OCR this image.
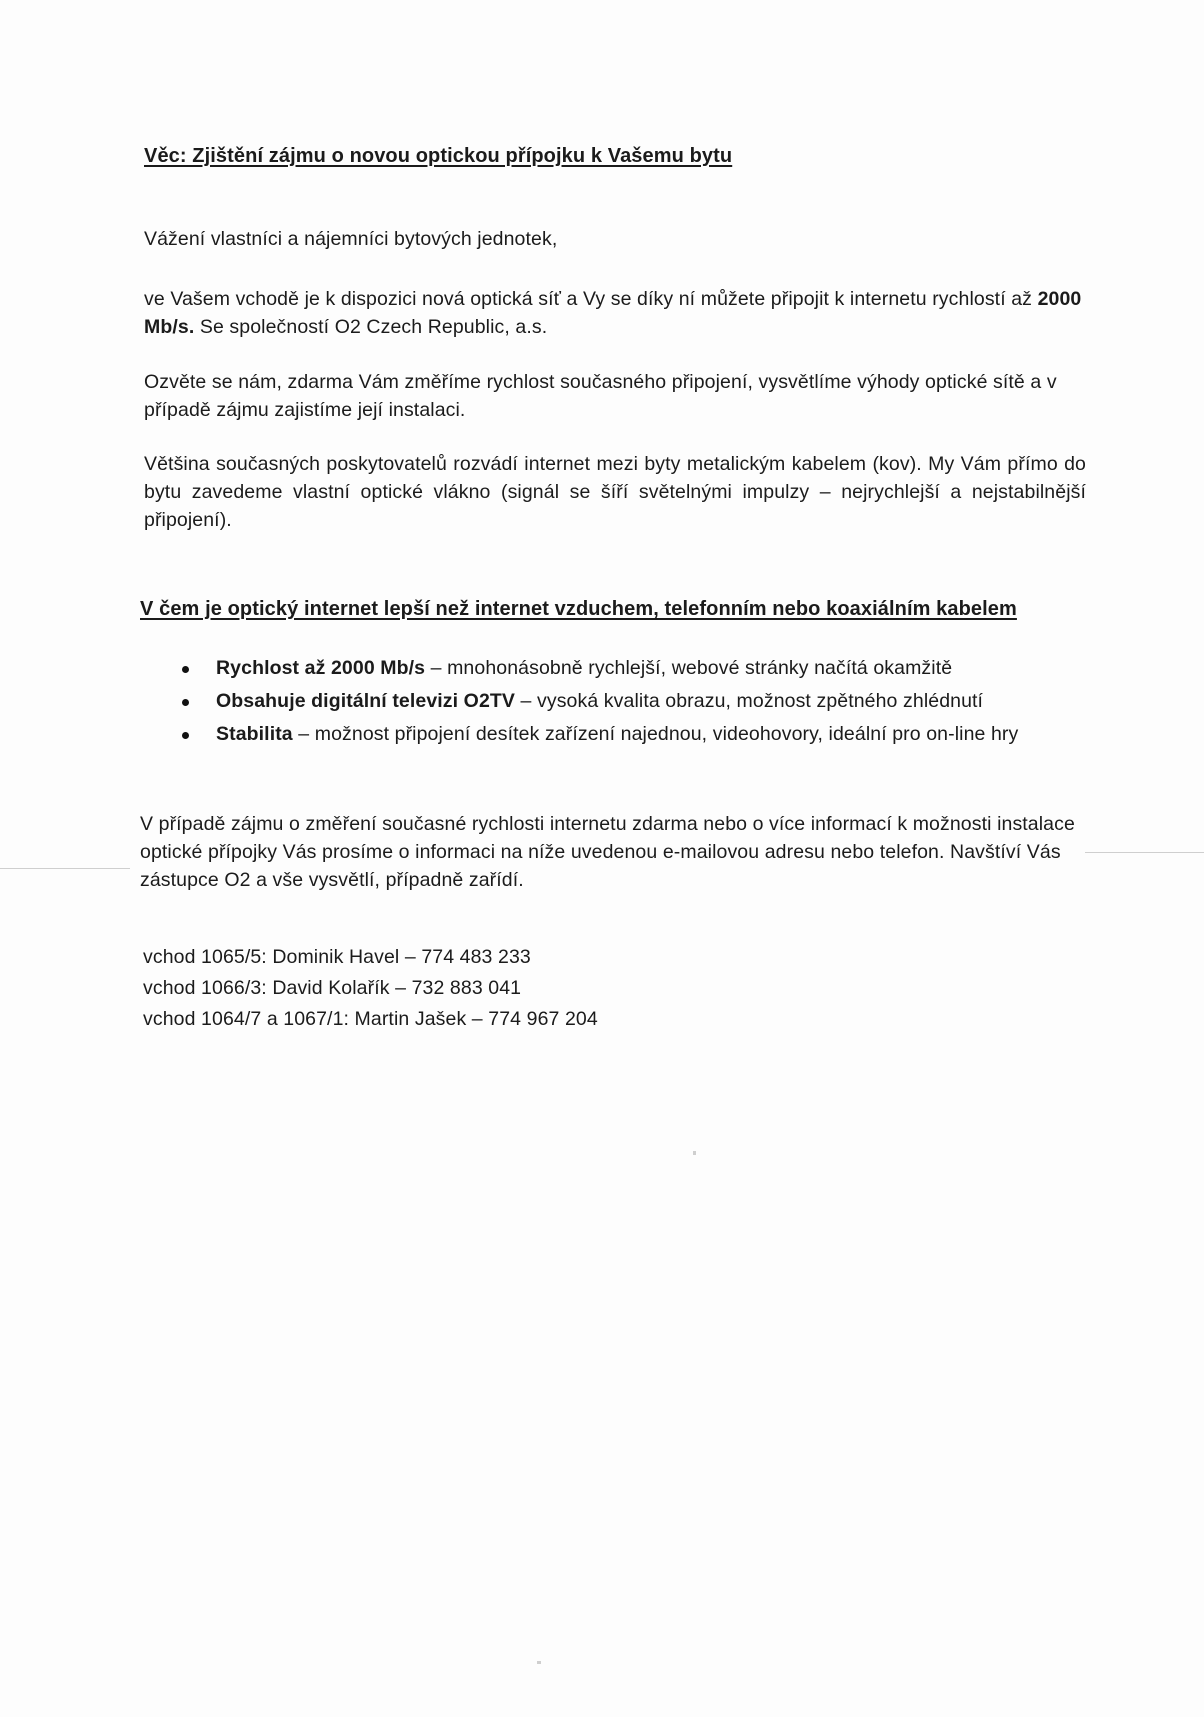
Věc: Zjištění zájmu o novou optickou přípojku k Vašemu bytu
Vážení vlastníci a nájemníci bytových jednotek,
ve Vašem vchodě je k dispozici nová optická síť a Vy se díky ní můžete připojit k internetu rychlostí až 2000 Mb/s. Se společností O2 Czech Republic, a.s.
Ozvěte se nám, zdarma Vám změříme rychlost současného připojení, vysvětlíme výhody optické sítě a v případě zájmu zajistíme její instalaci.
Většina současných poskytovatelů rozvádí internet mezi byty metalickým kabelem (kov). My Vám přímo do bytu zavedeme vlastní optické vlákno (signál se šíří světelnými impulzy – nejrychlejší a nejstabilnější připojení).
V čem je optický internet lepší než internet vzduchem, telefonním nebo koaxiálním kabelem
Rychlost až 2000 Mb/s – mnohonásobně rychlejší, webové stránky načítá okamžitě
Obsahuje digitální televizi O2TV – vysoká kvalita obrazu, možnost zpětného zhlédnutí
Stabilita – možnost připojení desítek zařízení najednou, videohovory, ideální pro on-line hry
V případě zájmu o změření současné rychlosti internetu zdarma nebo o více informací k možnosti instalace optické přípojky Vás prosíme o informaci na níže uvedenou e-mailovou adresu nebo telefon. Navštíví Vás zástupce O2 a vše vysvětlí, případně zařídí.
vchod 1065/5: Dominik Havel – 774 483 233
vchod 1066/3: David Kolařík – 732 883 041
vchod 1064/7 a 1067/1: Martin Jašek – 774 967 204
